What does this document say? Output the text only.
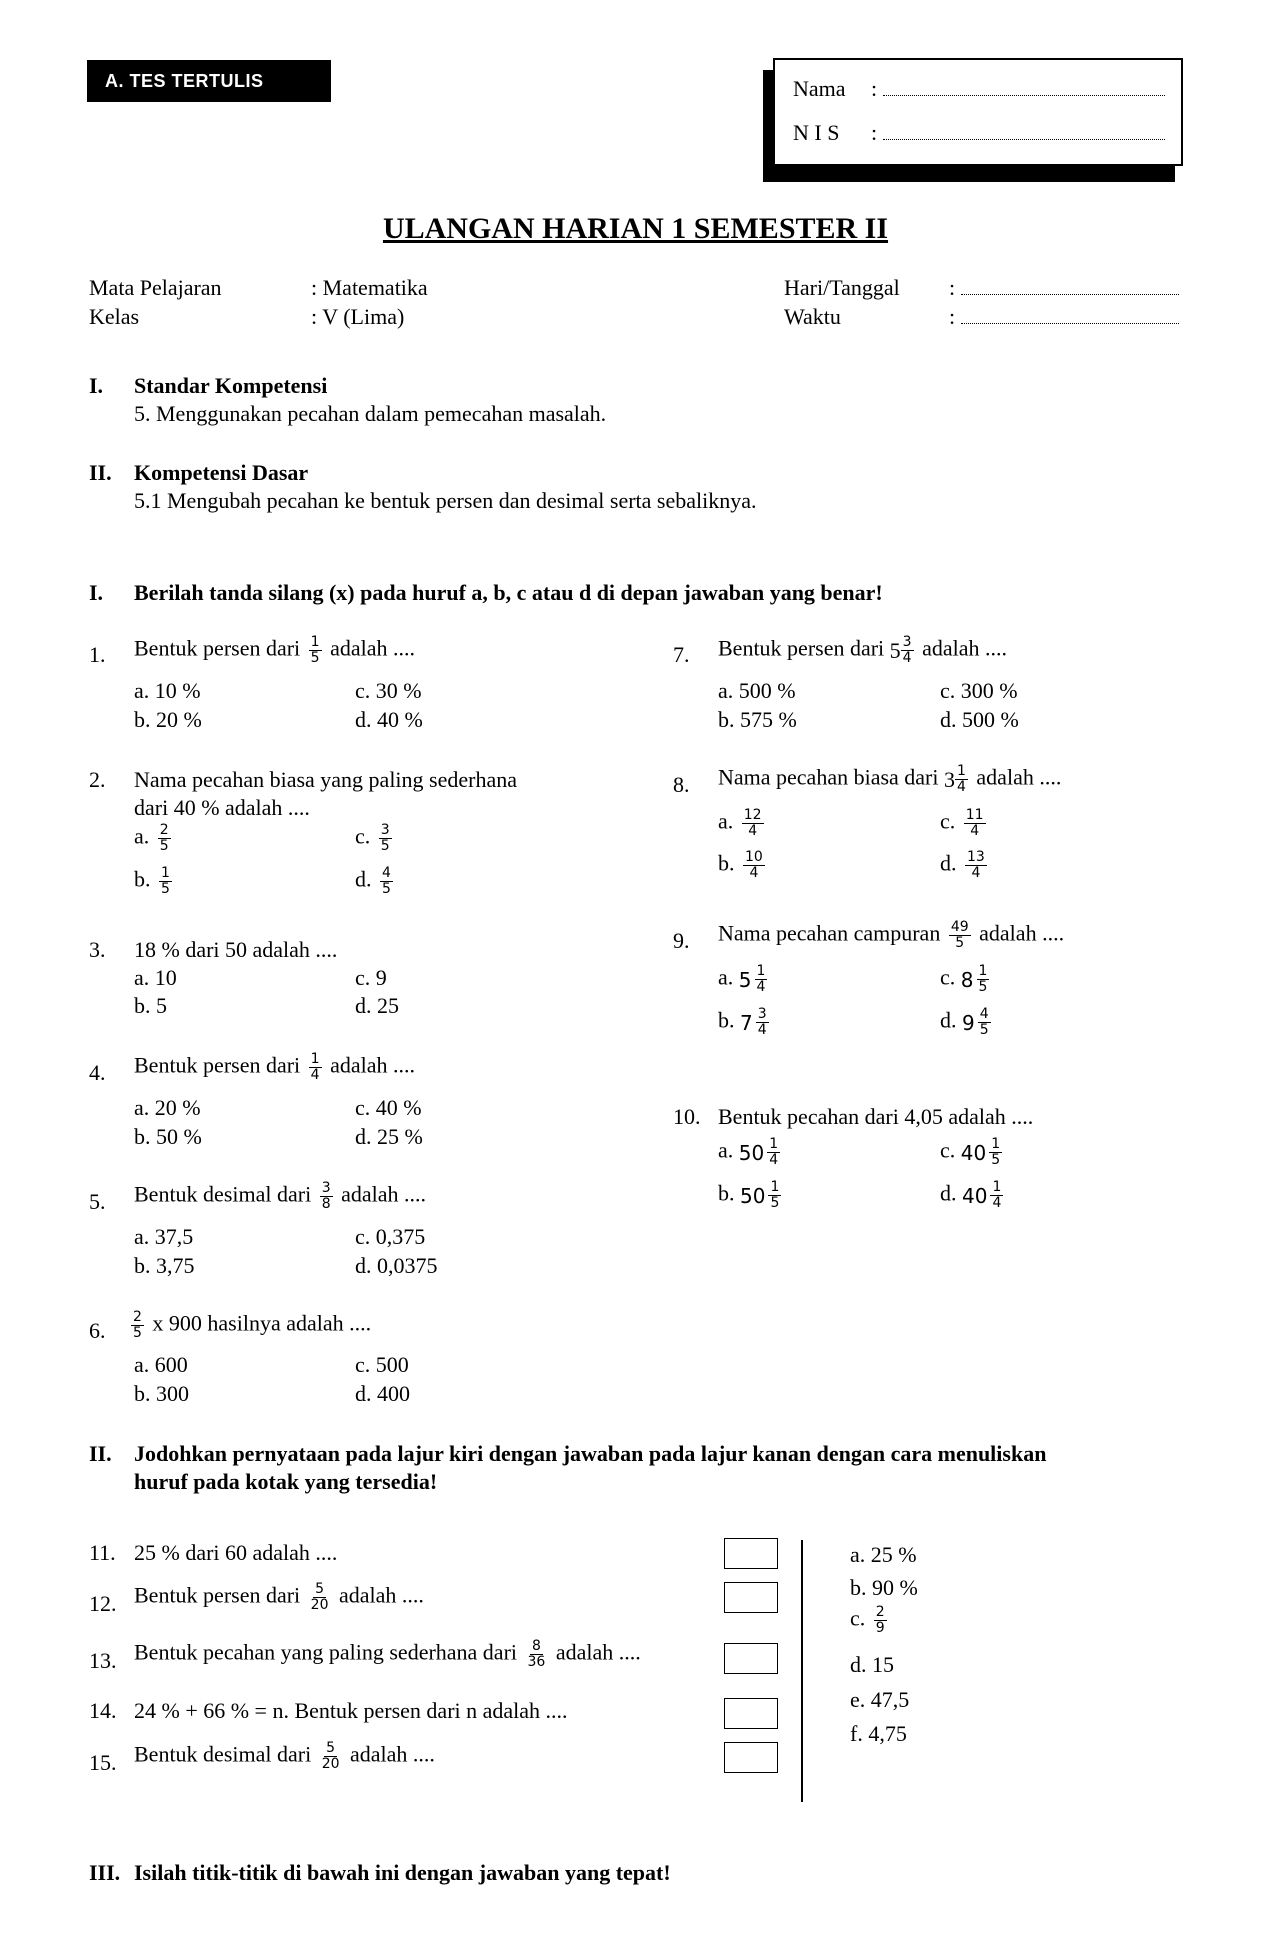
A. TES TERTULIS	Nama :
N I S :
ULANGAN HARIAN 1 SEMESTER II
Mata Pelajaran	: Matematika
Kelas	: V (Lima)
Hari/Tanggal :
Waktu	:
I. Standar Kompetensi
5. Menggunakan pecahan dalam pemecahan masalah.
II. Kompetensi Dasar
5.1 Mengubah pecahan ke bentuk persen dan desimal serta sebaliknya.
I. Berilah tanda silang (x) pada huruf a, b, c atau d di depan jawaban yang benar!
1. Bentuk persen dari $\frac{1}{5}$ adalah ....
a. 10 %	c. 30 %
b. 20 %	d. 40 %
2. Nama pecahan biasa yang paling sederhana
dari 40 % adalah ....
a. $\frac{2}{5}$	c. $\frac{3}{5}$
b. $\frac{1}{5}$	d. $\frac{4}{5}$
3. 18 % dari 50 adalah ....
a. 10	c. 9
b. 5	d. 25
4. Bentuk persen dari $\frac{1}{4}$ adalah ....
a. 20 %	c. 40 %
b. 50 %	d. 25 %
5. Bentuk desimal dari $\frac{3}{8}$ adalah ....
a. 37,5	c. 0,375
b. 3,75	d. 0,0375
6. $\frac{2}{5}$ x 900 hasilnya adalah ....
a. 600	c. 500
b. 300	d. 400
7. Bentuk persen dari $5 \frac{3}{4}$ adalah ....
a. 500 %	c. 300 %
b. 575 %	d. 500 %
8. Nama pecahan biasa dari $3 \frac{1}{4}$ adalah ....
a. $\frac{12}{4}$	c. $\frac{11}{4}$
b. $\frac{10}{4}$	d. $\frac{13}{4}$
9. Nama pecahan campuran $\frac{49}{5}$ adalah ....
a. $5 \frac{1}{4}$	c. $8 \frac{1}{5}$
b. $7 \frac{3}{4}$	d. $9 \frac{4}{5}$
10. Bentuk pecahan dari 4,05 adalah ....
a. $50 \frac{1}{4}$	c. $40 \frac{1}{5}$
b. $50 \frac{1}{5}$	d. $40 \frac{1}{4}$
II. Jodohkan pernyataan pada lajur kiri dengan jawaban pada lajur kanan dengan cara menuliskan
huruf pada kotak yang tersedia!
11. 25 % dari 60 adalah ....
12. Bentuk persen dari $\frac{5}{20}$ adalah ....
13. Bentuk pecahan yang paling sederhana dari $\frac{8}{36}$ adalah ....
14. 24 % + 66 % = n. Bentuk persen dari n adalah ....
15. Bentuk desimal dari $\frac{5}{20}$ adalah ....
a. 25 %
b. 90 %
c. $\frac{2}{9}$
d. 15
e. 47,5
f. 4,75
III. Isilah titik-titik di bawah ini dengan jawaban yang tepat!
